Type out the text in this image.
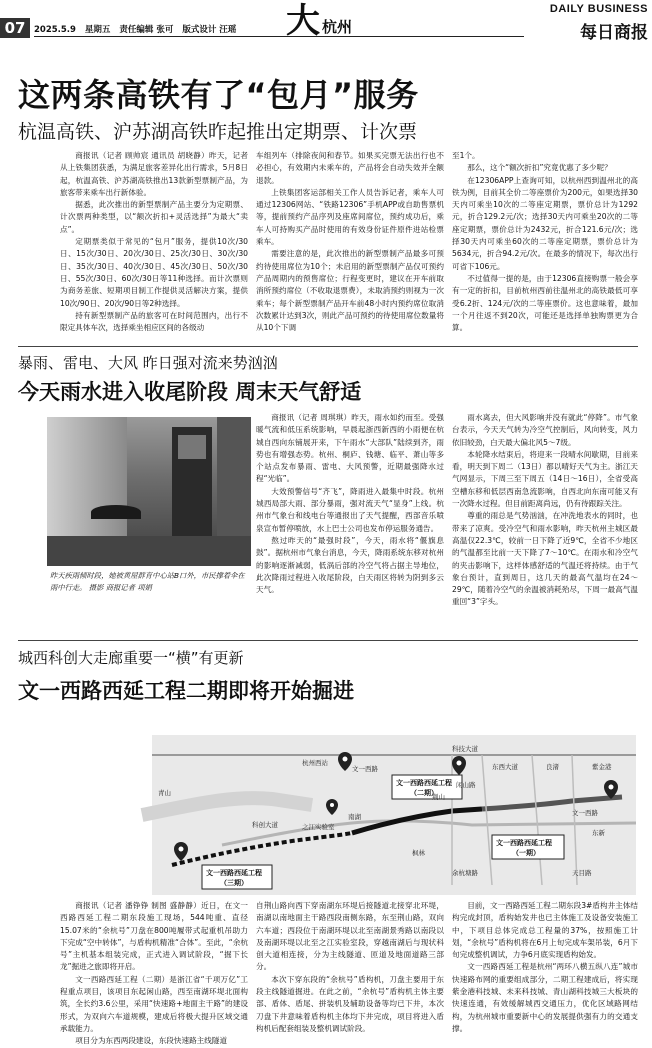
07	2025.5.9 星期五 责任编辑 张可 版式设计 汪瑶 大 杭州
DAILY BUSINESS
每日商报
这两条高铁有了“包月”服务
杭温高铁、沪苏湖高铁昨起推出定期票、计次票

商报讯（记者 顾帅宸 通讯员 胡晓静）昨天，记者从上铁集团获悉，为满足旅客差异化出行需求，5月8日起，杭温高铁、沪苏湖高铁推出13款新型票制产品，为旅客带来乘车出行新体验。

据悉，此次推出的新型票制产品主要分为定期票、计次票两种类型，以“额次折扣+灵活选择”为最大“卖点”。

定期票类似于常见的“包月”服务，提供10次/30日、15次/30日、20次/30日、25次/30日、30次/30日、35次/30日、40次/30日、45次/30日、50次/30日、55次/30日、60次/30日等11种选择。而计次票则为商务差旅、短期项目制工作提供灵活解决方案，提供10次/90日、20次/90日等2种选择。

持有新型票制产品的旅客可在时间范围内，出行不限定具体车次，选择乘坐相应区间的各级动

车组列车（排除夜间和春节。如果买完票无法出行也不必担心，有效期内未乘车的，产品将会自动失效并全额退款。

上铁集团客运部相关工作人员告诉记者，乘车人可通过12306网站、“铁路12306”手机APP或自助售票机等，提前预约产品序列及座席间席位，预约成功后，乘车人可持购买产品时使用的有效身份证件原件进站检票乘车。

需要注意的是，此次推出的新型票制产品最多可预约待使用席位为10个；未启用的新型票制产品仅可预约产品周期内的预售席位；行程变更时，建议在开车前取消所预约席位（不收取退票费），未取消预约则视为一次乘车；每个新型票制产品开车前48小时内预约席位取消次数累计达到3次，则此产品可预约的待使用席位数量将从10个下调

至1个。

那么，这个“额次折扣”究竟优惠了多少呢？

在12306APP上查询可知，以杭州西到温州北的高铁为例，目前其全价二等座票价为200元，如果选择30天内可乘坐10次的二等座定期票，票价总计为1292元，折合129.2元/次；选择30天内可乘坐20次的二等座定期票，票价总计为2432元，折合121.6元/次；选择30天内可乘坐60次的二等座定期票，票价总计为5634元，折合94.2元/次。在最多的情况下，每次出行可省下106元。

不过值得一提的是，由于12306直接购票一般会享有一定的折扣，目前杭州西前往温州北的高铁最低可享受6.2折、124元/次的二等座票价。这也意味着，最加一个月往返不到20次，可能还是选择单独购票更为合算。

暴雨、雷电、大风 昨日强对流来势汹汹
今天雨水进入收尾阶段 周末天气舒适
昨天疾雨倾时段，她被黄屋群育中心站B口外，市民撑着伞在雨中行走。 摄影 商报记者 项娟

商报讯（记者 周琪琪）昨天，雨水如约而至。受强暖气流和低压系统影响，早晨起浙西新西的小雨便在杭城自西向东铺展开来，下午雨水“大部队”陆续到齐，雨势也有增强态势。杭州、桐庐、钱塘、临平、萧山等多个站点发布暴雨、雷电、大风预警，近期最强降水过程“光临”。

大效预警信号“齐飞”，降雨进入最集中时段。杭州城西局部大雨、部分暴雨，强对流天气“显身”上线。杭州市气象台和线电台等通报出了天气提醒，西部音乐喷泉宣布暂停喷放，水上巴士公司也发布停运服务通告。

熬过昨天的“最强时段”，今天，雨水将“偃旗息鼓”。据杭州市气象台消息，今天，降雨系统东移对杭州的影响逐渐减弱，低涡后部的冷空气将占据主导地位，此次降雨过程进入收尾阶段，白天雨区将转为阴到多云天气。

雨水离去，但大风影响并没有就此“停降”。市气象台表示，今天天气转为冷空气控制后，风向转变，风力依旧较劲，白天最大偏北风5～7级。

本轮降水结束后，将迎来一段晴水间歇期，目前来看，明天到下周二（13日）都以晴好天气为主。浙江天气网显示，下周三至下周五（14日～16日），全省受高空槽东移和低层西南急流影响，自西北向东南可能又有一次降水过程。但目前距离尚远，仍有待跟踪关注。

尊重的雨总是气势汹汹，在冲洗地表水的同时，也带来了凉爽。受冷空气和雨水影响，昨天杭州主城区最高温仅22.3℃，较前一日下降了近9℃，全省不少地区的气温都至比前一天下降了7～10℃。在雨水和冷空气的夹击影响下，这样体感舒适的气温还将持续。由于气象台预计，直到周日，这几天的最高气温均在24～29℃，随着冷空气的余温被消耗殆尽，下周一最高气温重回“3”字头。

城西科创大走廊重要一“横”有更新
文一西路西延工程二期即将开始掘进
文一西路西延工程
（二期）
文一西路西延工程
（一期）
文一西路西延工程
（三期）
科技大道
文一西路
文一西路
之江实验室
科创大道
南湖
杭州西站
青山
紫金港
良渚
东西大道
枫林
闲山路
东新
天目路
余杭塘路
荆山

商报讯（记者 潘铮铮 制图 盛静静）近日，在文一西路西延工程二期东段施工现场，544吨重、直径15.07米的“余杭号”刀盘在800吨履带式起重机吊助力下完成“空中转体”，与盾构机精准“合体”。至此，“余杭号”主机基本组装完成，正式进入调试阶段，“掘下长龙”掘进之旅即将开启。

文一西路西延工程（二期）是浙江省“千项万亿”工程重点项目，该项目东起闲山路，西至南湖环堤北面构筑，全长约3.6公里，采用“快速路+地面主干路”的建设形式，为双向六车道规模，建成后将极大提升区域交通承载能力。

项目分为东西两段建设，东段快速路主线隧道

自荆山路向西下穿南湖东环堤后接隧道北接穿北环堤，南湖以南地面主干路西段南侧东路，东至荆山路，双向六车道；西段位于南湖环堤以北至南湖景秀路以南段以及南湖环堤以北至之江实验室段，穿越南湖后与现状科创大道相连接，分为主线隧道、匝道及地面道路三部分。

本次下穿东段的“余杭号”盾构机，刀盘主要用于东段主线隧道掘进。在此之前，“余杭号”盾构机主体主要部、盾体、盾尾、拼装机及辅助设备等均已下井，本次刀盘下井意味着盾构机主体均下井完成，项目将进入盾构机后配套组装及整机调试阶段。

目前，文一西路西延工程二期东段3#盾构井主体结构完成封顶，盾构始发井也已主体施工及设备安装施工中，下项目总体完成总工程量的37%，按照施工计划，“余杭号”盾构机将在6月上旬完成车架吊装，6月下旬完成整机调试，力争6月底实现盾构始发。

文一西路西延工程是杭州“两环八横五纵八连”城市快速路布网的重要组成部分，二期工程建成后，将实现紫金港科技城、未来科技城、青山湖科技城三大板块的快速连通，有效缓解城西交通压力，优化区域路网结构，为杭州城市重要新中心的发展提供强有力的交通支撑。
